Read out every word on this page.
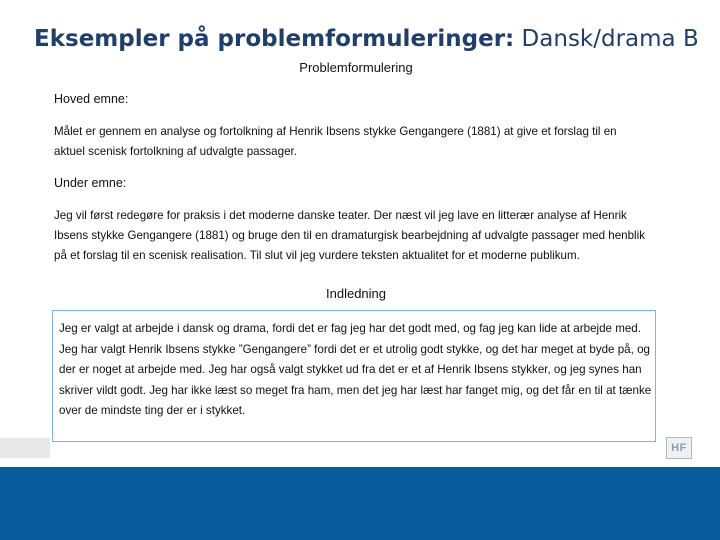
Eksempler på problemformuleringer: Dansk/drama B
Problemformulering
Hoved emne:

Målet er gennem en analyse og fortolkning af Henrik Ibsens stykke Gengangere (1881) at give et forslag til en aktuel scenisk fortolkning af udvalgte passager.

Under emne:

Jeg vil først redegøre for praksis i det moderne danske teater. Der næst vil jeg lave en litterær analyse af Henrik Ibsens stykke Gengangere (1881) og bruge den til en dramaturgisk bearbejdning af udvalgte passager med henblik på et forslag til en scenisk realisation. Til slut vil jeg vurdere teksten aktualitet for et moderne publikum.

Indledning

Jeg er valgt at arbejde i dansk og drama, fordi det er fag jeg har det godt med, og fag jeg kan lide at arbejde med. Jeg har valgt Henrik Ibsens stykke ”Gengangere” fordi det er et utrolig godt stykke, og det har meget at byde på, og der er noget at arbejde med. Jeg har også valgt stykket ud fra det er et af Henrik Ibsens stykker, og jeg synes han skriver vildt godt. Jeg har ikke læst so meget fra ham, men det jeg har læst har fanget mig, og det får en til at tænke over de mindste ting der er i stykket.

HF
